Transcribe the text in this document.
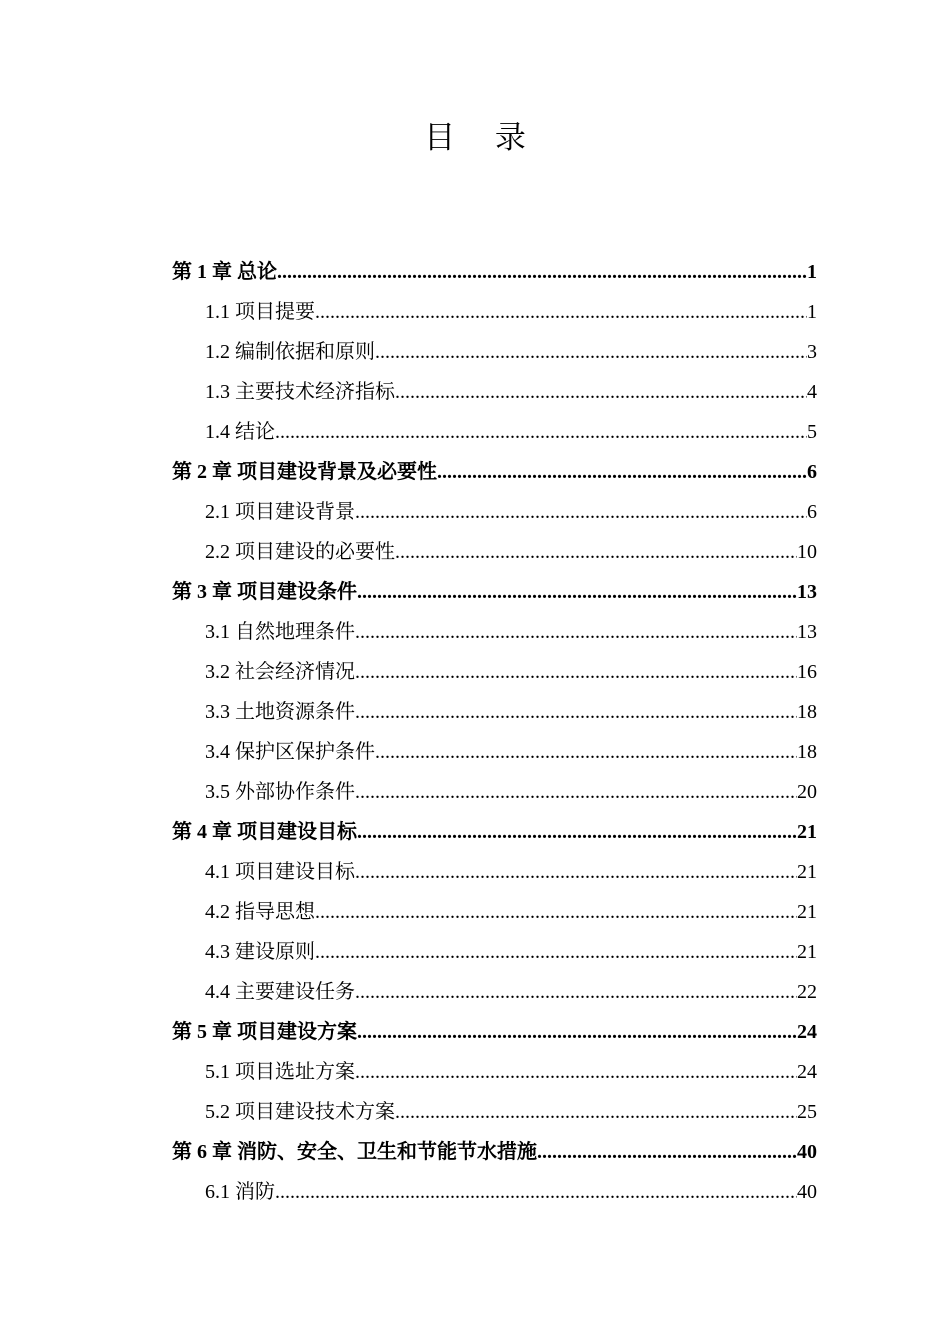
目 录
第 1 章 总论 .....	1
1.1 项目提要 .....	1
1.2 编制依据和原则 .....	3
1.3 主要技术经济指标 .....	4
1.4 结论 .....	5
第 2 章 项目建设背景及必要性 .....	6
2.1 项目建设背景 .....	6
2.2 项目建设的必要性 .....	10
第 3 章 项目建设条件 .....	13
3.1 自然地理条件 .....	13
3.2 社会经济情况 .....	16
3.3 土地资源条件 .....	18
3.4 保护区保护条件 .....	18
3.5 外部协作条件 .....	20
第 4 章 项目建设目标 .....	21
4.1 项目建设目标 .....	21
4.2 指导思想 .....	21
4.3 建设原则 .....	21
4.4 主要建设任务 .....	22
第 5 章 项目建设方案 .....	24
5.1 项目选址方案 .....	24
5.2 项目建设技术方案 .....	25
第 6 章 消防、安全、卫生和节能节水措施 .....	40
6.1 消防 .....	40
